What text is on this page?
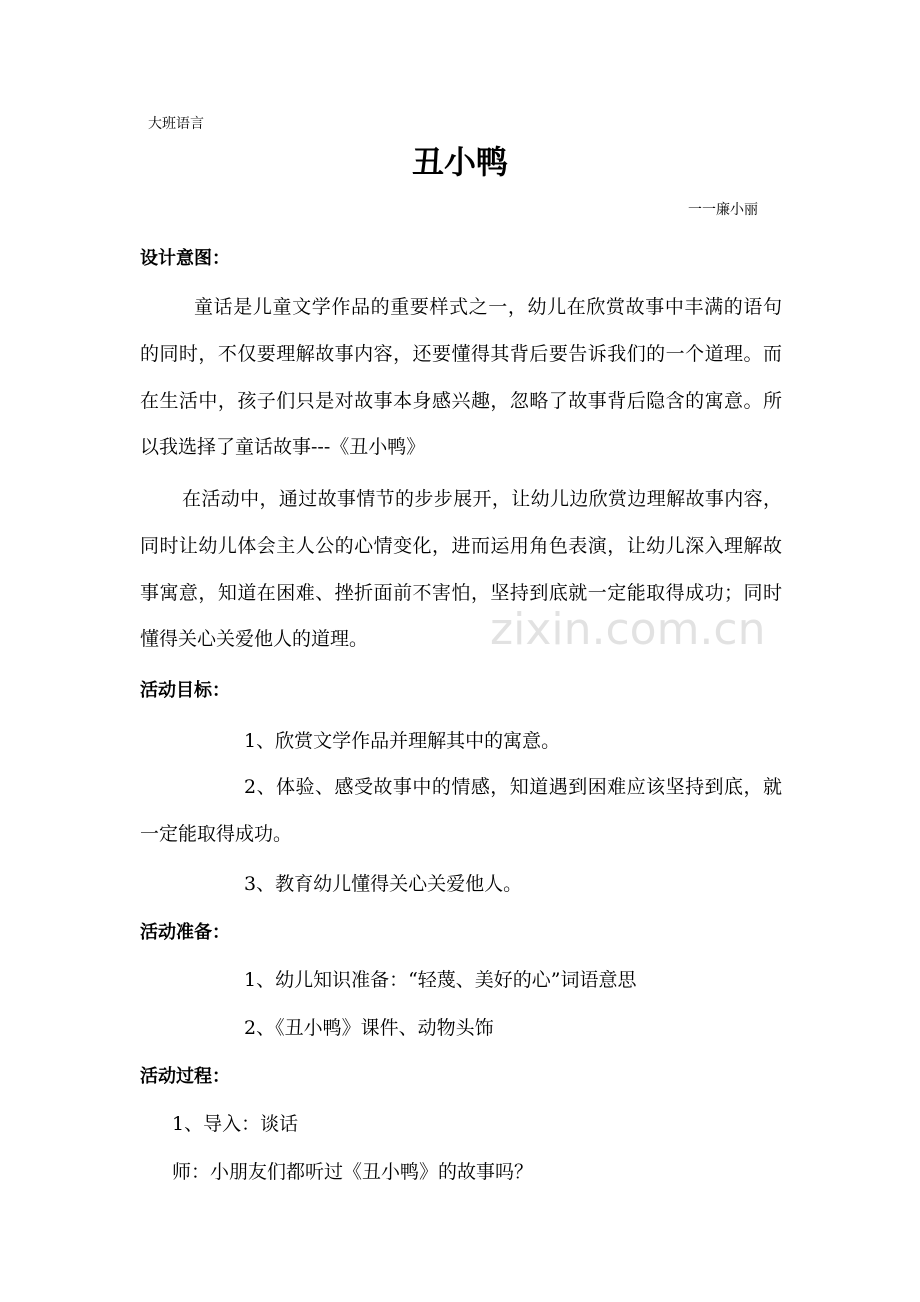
大班语言
丑小鸭
一一廉小丽
设计意图：
童话是儿童文学作品的重要样式之一，幼儿在欣赏故事中丰满的语句的同时，不仅要理解故事内容，还要懂得其背后要告诉我们的一个道理。而在生活中，孩子们只是对故事本身感兴趣，忽略了故事背后隐含的寓意。所以我选择了童话故事---《丑小鸭》
在活动中，通过故事情节的步步展开，让幼儿边欣赏边理解故事内容，同时让幼儿体会主人公的心情变化，进而运用角色表演，让幼儿深入理解故事寓意，知道在困难、挫折面前不害怕，坚持到底就一定能取得成功；同时懂得关心关爱他人的道理。	zixin.com.cn
活动目标：
1、欣赏文学作品并理解其中的寓意。
2、体验、感受故事中的情感，知道遇到困难应该坚持到底，就一定能取得成功。
3、教育幼儿懂得关心关爱他人。
活动准备：
1、幼儿知识准备：“轻蔑、美好的心”词语意思
2、《丑小鸭》课件、动物头饰
活动过程：
1、导入：谈话
师：小朋友们都听过《丑小鸭》的故事吗？
